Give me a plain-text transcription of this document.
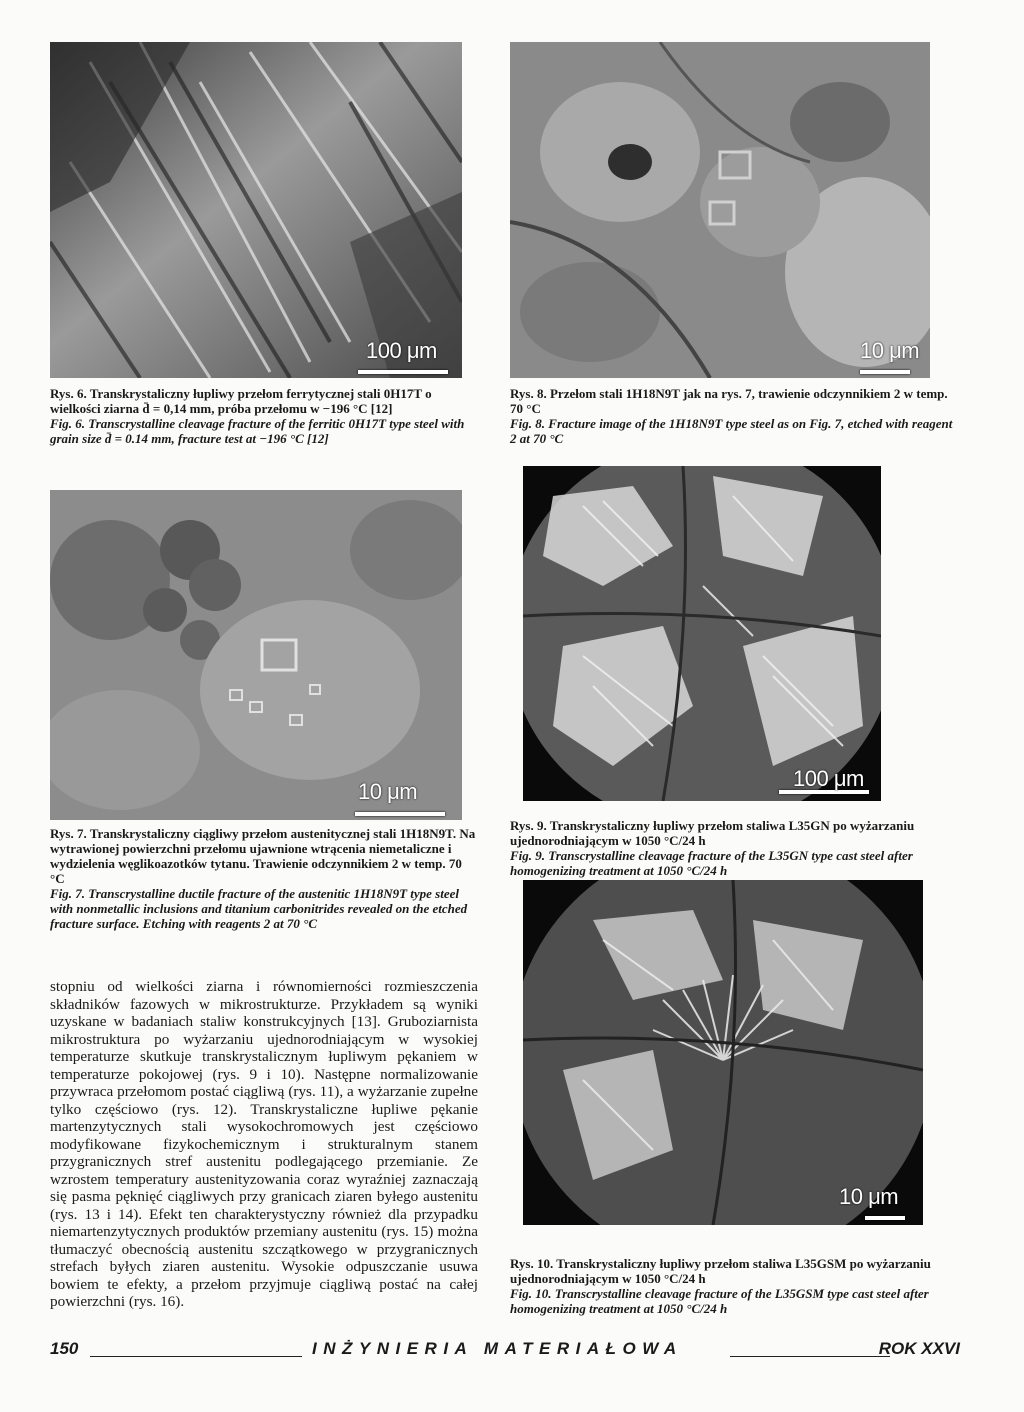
100 μm	10 μm
Rys. 6. Transkrystaliczny łupliwy przełom ferrytycznej stali 0H17T o wielkości ziarna d̄ = 0,14 mm, próba przełomu w −196 °C [12]
Fig. 6. Transcrystalline cleavage fracture of the ferritic 0H17T type steel with grain size d̄ = 0.14 mm, fracture test at −196 °C [12]
Rys. 8. Przełom stali 1H18N9T jak na rys. 7, trawienie odczynnikiem 2 w temp. 70 °C
Fig. 8. Fracture image of the 1H18N9T type steel as on Fig. 7, etched with reagent 2 at 70 °C
10 μm
100 μm
Rys. 7. Transkrystaliczny ciągliwy przełom austenitycznej stali 1H18N9T. Na wytrawionej powierzchni przełomu ujawnione wtrącenia niemetaliczne i wydzielenia węglikoazotków tytanu. Trawienie odczynnikiem 2 w temp. 70 °C
Fig. 7. Transcrystalline ductile fracture of the austenitic 1H18N9T type steel with nonmetallic inclusions and titanium carbonitrides revealed on the etched fracture surface. Etching with reagents 2 at 70 °C
Rys. 9. Transkrystaliczny łupliwy przełom staliwa L35GN po wyżarzaniu ujednorodniającym w 1050 °C/24 h
Fig. 9. Transcrystalline cleavage fracture of the L35GN type cast steel after homogenizing treatment at 1050 °C/24 h
10 μm
stopniu od wielkości ziarna i równomierności rozmieszczenia składników fazowych w mikrostrukturze. Przykładem są wyniki uzyskane w badaniach staliw konstrukcyjnych [13]. Gruboziarnista mikrostruktura po wyżarzaniu ujednorodniającym w wysokiej temperaturze skutkuje transkrystalicznym łupliwym pękaniem w temperaturze pokojowej (rys. 9 i 10). Następne normalizowanie przywraca przełomom postać ciągliwą (rys. 11), a wyżarzanie zupełne tylko częściowo (rys. 12). Transkrystaliczne łupliwe pękanie martenzytycznych stali wysokochromowych jest częściowo modyfikowane fizykochemicznym i strukturalnym stanem przygranicznych stref austenitu podlegającego przemianie. Ze wzrostem temperatury austenityzowania coraz wyraźniej zaznaczają się pasma pęknięć ciągliwych przy granicach ziaren byłego austenitu (rys. 13 i 14). Efekt ten charakterystyczny również dla przypadku niemartenzytycznych produktów przemiany austenitu (rys. 15) można tłumaczyć obecnością austenitu szczątkowego w przygranicznych strefach byłych ziaren austenitu. Wysokie odpuszczanie usuwa bowiem te efekty, a przełom przyjmuje ciągliwą postać na całej powierzchni (rys. 16).
Rys. 10. Transkrystaliczny łupliwy przełom staliwa L35GSM po wyżarzaniu ujednorodniającym w 1050 °C/24 h
Fig. 10. Transcrystalline cleavage fracture of the L35GSM type cast steel after homogenizing treatment at 1050 °C/24 h
150	INŻYNIERIA MATERIAŁOWA	ROK XXVI
